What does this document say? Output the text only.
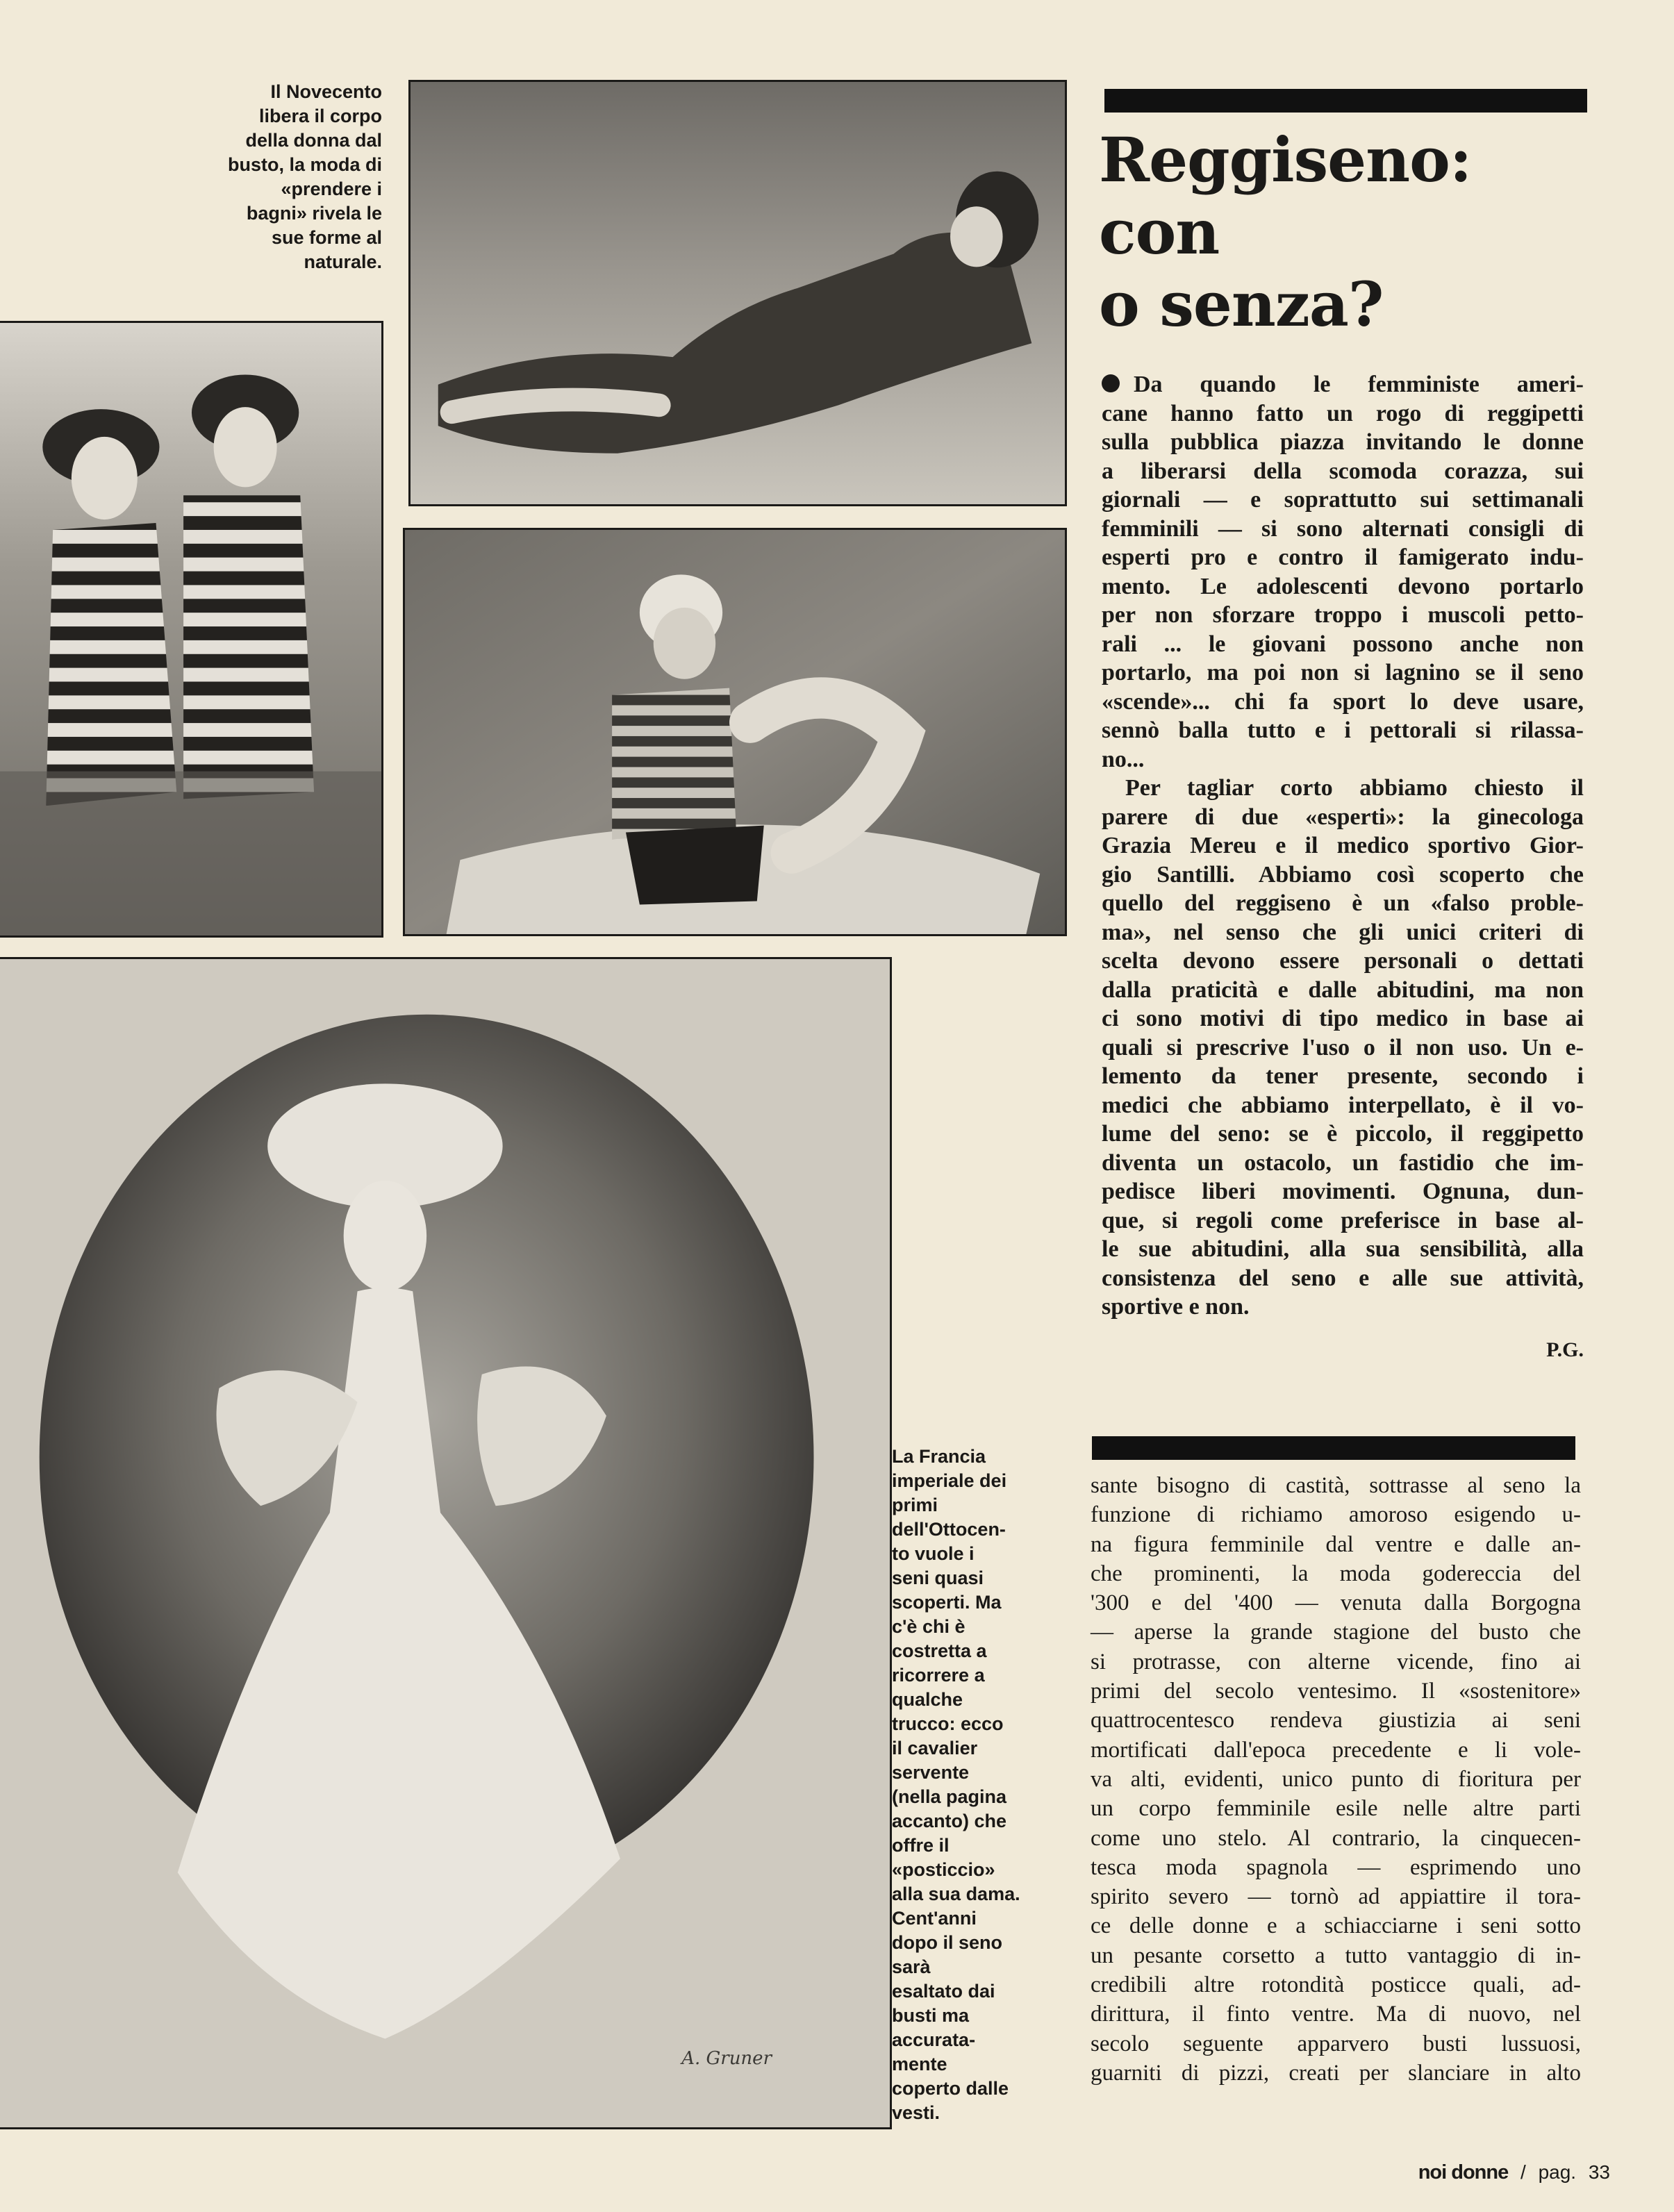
Il Novecento
libera il corpo
della donna dal
busto, la moda di
«prendere i
bagni» rivela le
sue forme al
naturale.
Reggiseno:
con
o senza?
A. Gruner
La Francia
imperiale dei
primi
dell'Ottocen-
to vuole i
seni quasi
scoperti. Ma
c'è chi è
costretta a
ricorrere a
qualche
trucco: ecco
il cavalier
servente
(nella pagina
accanto) che
offre il
«posticcio»
alla sua dama.
Cent'anni
dopo il seno
sarà
esaltato dai
busti ma
accurata-
mente
coperto dalle
vesti.
Da quando le femministe ameri-
cane hanno fatto un rogo di reggipetti
sulla pubblica piazza invitando le donne
a liberarsi della scomoda corazza, sui
giornali — e soprattutto sui settimanali
femminili — si sono alternati consigli di
esperti pro e contro il famigerato indu-
mento. Le adolescenti devono portarlo
per non sforzare troppo i muscoli petto-
rali ... le giovani possono anche non
portarlo, ma poi non si lagnino se il seno
«scende»... chi fa sport lo deve usare,
sennò balla tutto e i pettorali si rilassa-
no...
Per tagliar corto abbiamo chiesto il
parere di due «esperti»: la ginecologa
Grazia Mereu e il medico sportivo Gior-
gio Santilli. Abbiamo così scoperto che
quello del reggiseno è un «falso proble-
ma», nel senso che gli unici criteri di
scelta devono essere personali o dettati
dalla praticità e dalle abitudini, ma non
ci sono motivi di tipo medico in base ai
quali si prescrive l'uso o il non uso. Un e-
lemento da tener presente, secondo i
medici che abbiamo interpellato, è il vo-
lume del seno: se è piccolo, il reggipetto
diventa un ostacolo, un fastidio che im-
pedisce liberi movimenti. Ognuna, dun-
que, si regoli come preferisce in base al-
le sue abitudini, alla sua sensibilità, alla
consistenza del seno e alle sue attività,
sportive e non.
P.G.
sante bisogno di castità, sottrasse al seno la
funzione di richiamo amoroso esigendo u-
na figura femminile dal ventre e dalle an-
che prominenti, la moda godereccia del
'300 e del '400 — venuta dalla Borgogna
— aperse la grande stagione del busto che
si protrasse, con alterne vicende, fino ai
primi del secolo ventesimo. Il «sostenitore»
quattrocentesco rendeva giustizia ai seni
mortificati dall'epoca precedente e li vole-
va alti, evidenti, unico punto di fioritura per
un corpo femminile esile nelle altre parti
come uno stelo. Al contrario, la cinquecen-
tesca moda spagnola — esprimendo uno
spirito severo — tornò ad appiattire il tora-
ce delle donne e a schiacciarne i seni sotto
un pesante corsetto a tutto vantaggio di in-
credibili altre rotondità posticce quali, ad-
dirittura, il finto ventre. Ma di nuovo, nel
secolo seguente apparvero busti lussuosi,
guarniti di pizzi, creati per slanciare in alto
noi donne / pag. 33
